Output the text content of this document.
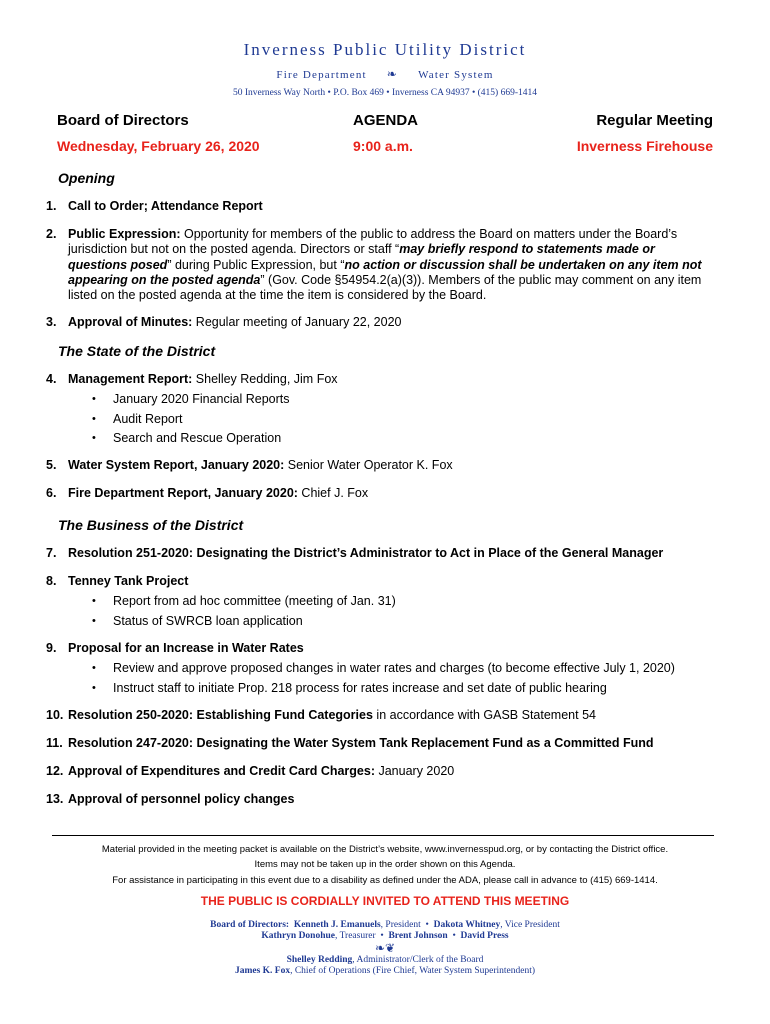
Inverness Public Utility District
Fire Department ❧ Water System
50 Inverness Way North • P.O. Box 469 • Inverness CA 94937 • (415) 669-1414
Board of Directors	AGENDA	Regular Meeting
Wednesday, February 26, 2020	9:00 a.m.	Inverness Firehouse
Opening
1. Call to Order; Attendance Report
2. Public Expression: Opportunity for members of the public to address the Board on matters under the Board’s jurisdiction but not on the posted agenda. Directors or staff “may briefly respond to statements made or questions posed” during Public Expression, but “no action or discussion shall be undertaken on any item not appearing on the posted agenda” (Gov. Code §54954.2(a)(3)). Members of the public may comment on any item listed on the posted agenda at the time the item is considered by the Board.
3. Approval of Minutes: Regular meeting of January 22, 2020
The State of the District
4. Management Report: Shelley Redding, Jim Fox
• January 2020 Financial Reports
• Audit Report
• Search and Rescue Operation
5. Water System Report, January 2020: Senior Water Operator K. Fox
6. Fire Department Report, January 2020: Chief J. Fox
The Business of the District
7. Resolution 251-2020: Designating the District’s Administrator to Act in Place of the General Manager
8. Tenney Tank Project
• Report from ad hoc committee (meeting of Jan. 31)
• Status of SWRCB loan application
9. Proposal for an Increase in Water Rates
• Review and approve proposed changes in water rates and charges (to become effective July 1, 2020)
• Instruct staff to initiate Prop. 218 process for rates increase and set date of public hearing
10. Resolution 250-2020: Establishing Fund Categories in accordance with GASB Statement 54
11. Resolution 247-2020: Designating the Water System Tank Replacement Fund as a Committed Fund
12. Approval of Expenditures and Credit Card Charges: January 2020
13. Approval of personnel policy changes
Material provided in the meeting packet is available on the District’s website, www.invernesspud.org, or by contacting the District office.
Items may not be taken up in the order shown on this Agenda.
For assistance in participating in this event due to a disability as defined under the ADA, please call in advance to (415) 669-1414.
THE PUBLIC IS CORDIALLY INVITED TO ATTEND THIS MEETING
Board of Directors: Kenneth J. Emanuels, President • Dakota Whitney, Vice President
Kathryn Donohue, Treasurer • Brent Johnson • David Press
❧❦
Shelley Redding, Administrator/Clerk of the Board
James K. Fox, Chief of Operations (Fire Chief, Water System Superintendent)
